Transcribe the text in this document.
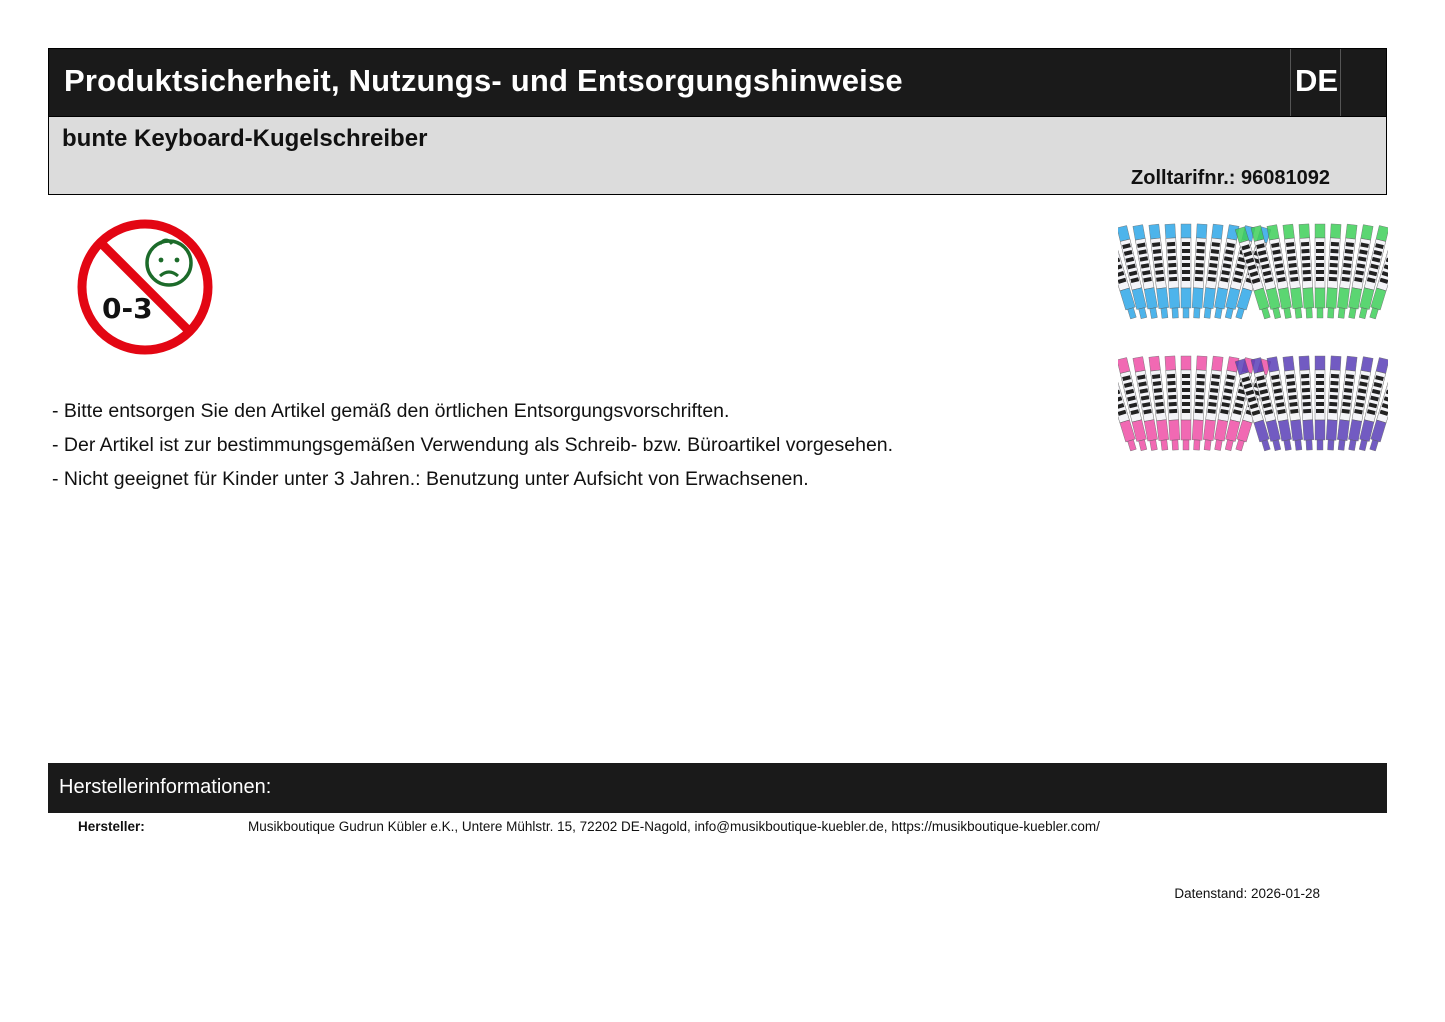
Produktsicherheit, Nutzungs- und Entsorgungshinweise	DE
bunte Keyboard-Kugelschreiber
Zolltarifnr.: 96081092
0-3
- Bitte entsorgen Sie den Artikel gemäß den örtlichen Entsorgungsvorschriften.
- Der Artikel ist zur bestimmungsgemäßen Verwendung als Schreib- bzw. Büroartikel vorgesehen.
- Nicht geeignet für Kinder unter 3 Jahren.: Benutzung unter Aufsicht von Erwachsenen.
Herstellerinformationen:
Hersteller:	Musikboutique Gudrun Kübler e.K., Untere Mühlstr. 15, 72202 DE-Nagold, info@musikboutique-kuebler.de, https://musikboutique-kuebler.com/
Datenstand: 2026-01-28
